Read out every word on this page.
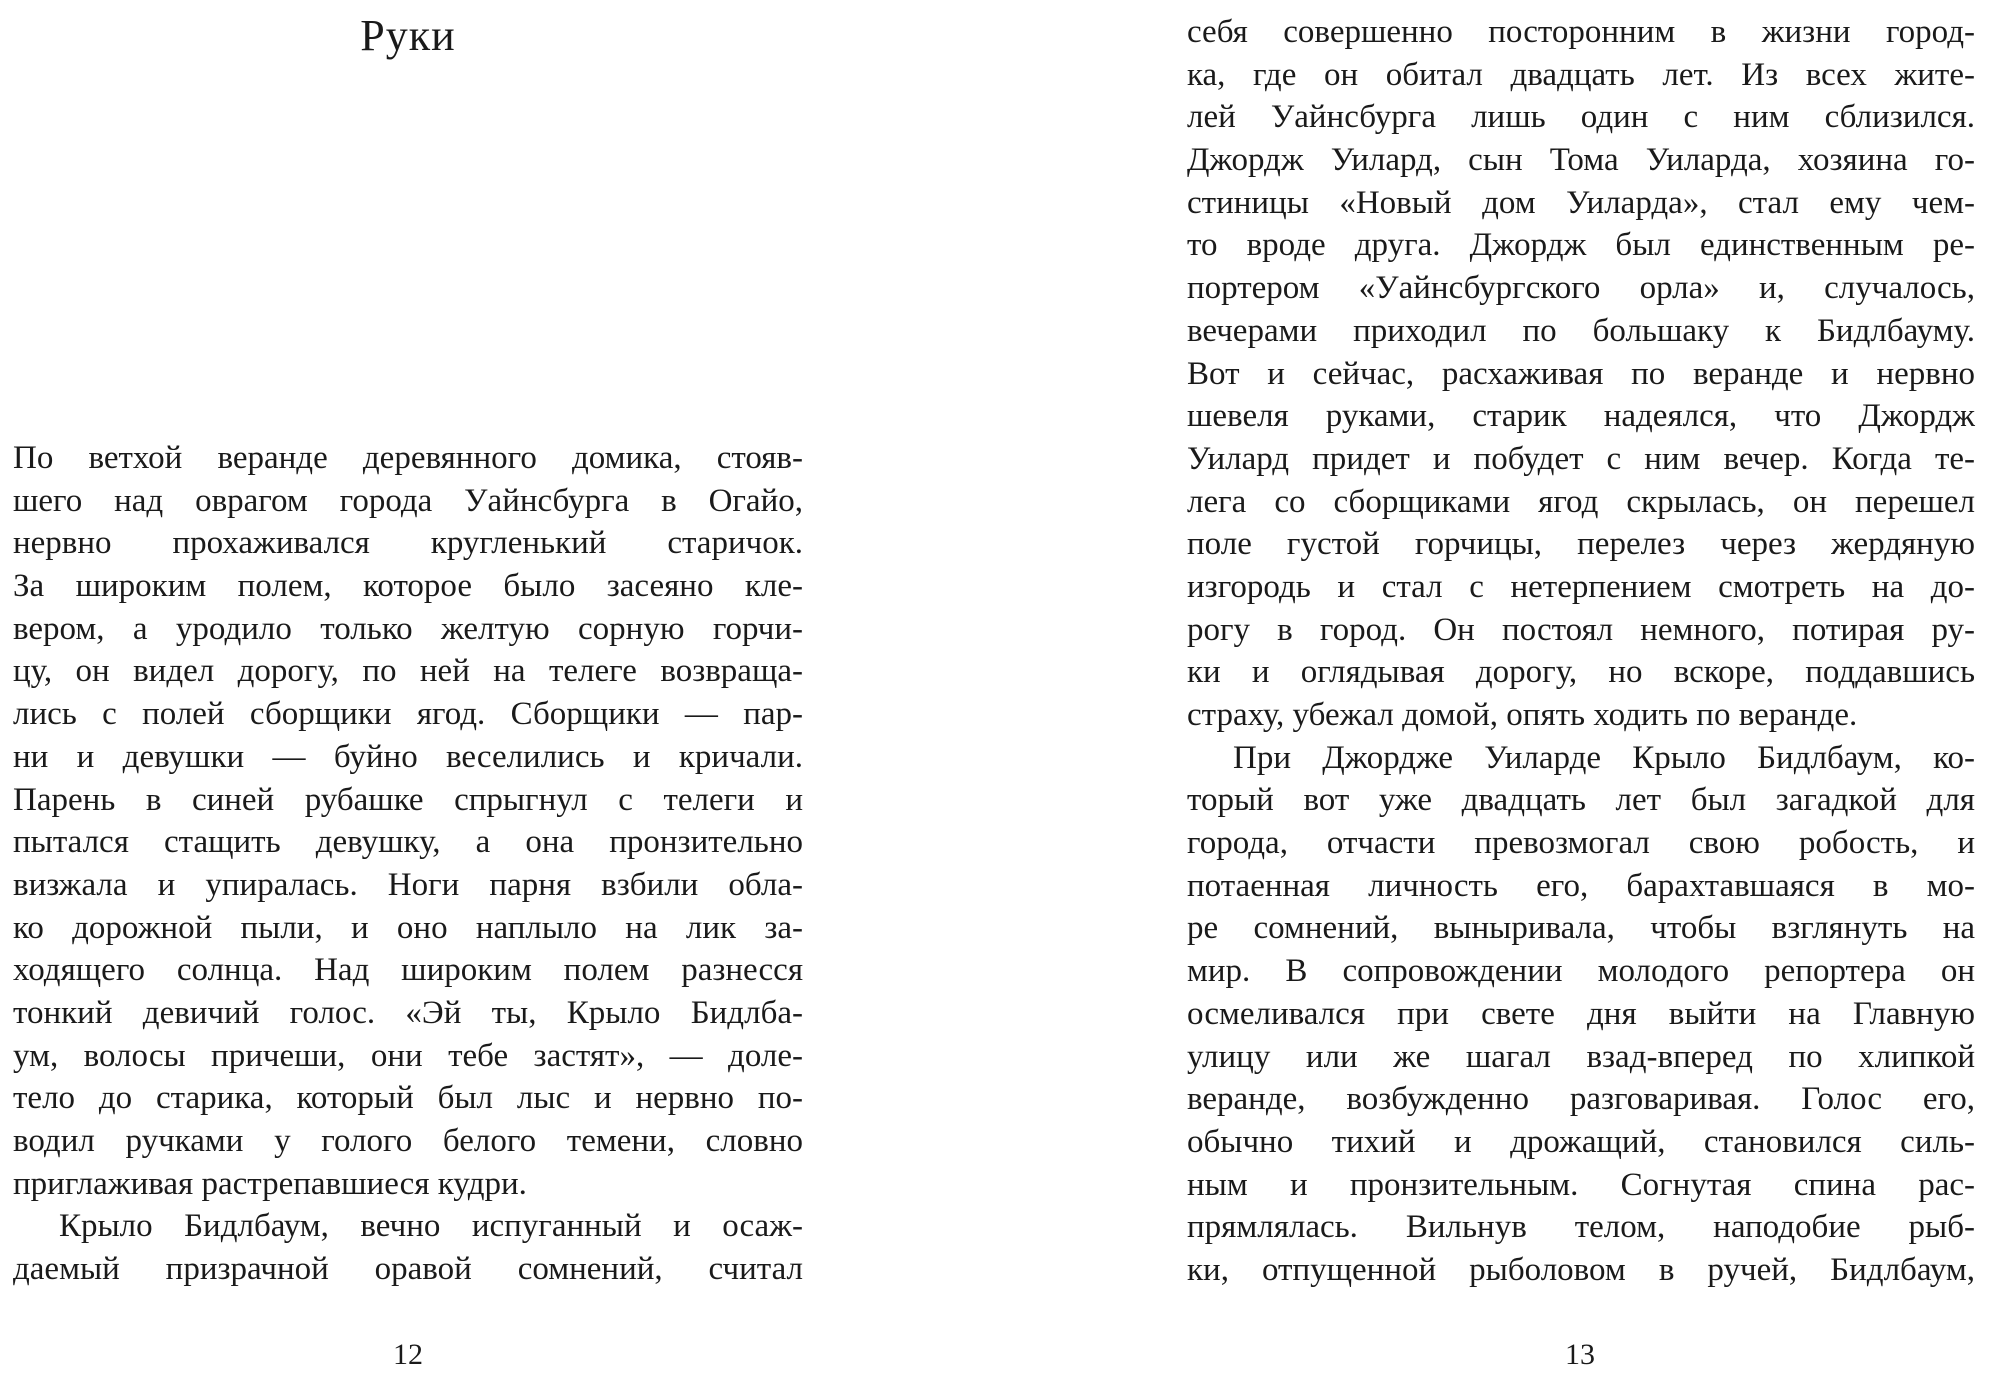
Руки
По ветхой веранде деревянного домика, стояв-
шего над оврагом города Уайнсбурга в Огайо,
нервно прохаживался кругленький старичок.
За широким полем, которое было засеяно кле-
вером, а уродило только желтую сорную горчи-
цу, он видел дорогу, по ней на телеге возвраща-
лись с полей сборщики ягод. Сборщики — пар-
ни и девушки — буйно веселились и кричали.
Парень в синей рубашке спрыгнул с телеги и
пытался стащить девушку, а она пронзительно
визжала и упиралась. Ноги парня взбили обла-
ко дорожной пыли, и оно наплыло на лик за-
ходящего солнца. Над широким полем разнесся
тонкий девичий голос. «Эй ты, Крыло Бидлба-
ум, волосы причеши, они тебе застят», — доле-
тело до старика, который был лыс и нервно по-
водил ручками у голого белого темени, словно
приглаживая растрепавшиеся кудри.
Крыло Бидлбаум, вечно испуганный и осаж-
даемый призрачной оравой сомнений, считал
12
себя совершенно посторонним в жизни город-
ка, где он обитал двадцать лет. Из всех жите-
лей Уайнсбурга лишь один с ним сблизился.
Джордж Уилард, сын Тома Уиларда, хозяина го-
стиницы «Новый дом Уиларда», стал ему чем-
то вроде друга. Джордж был единственным ре-
портером «Уайнсбургского орла» и, случалось,
вечерами приходил по большаку к Бидлбауму.
Вот и сейчас, расхаживая по веранде и нервно
шевеля руками, старик надеялся, что Джордж
Уилард придет и побудет с ним вечер. Когда те-
лега со сборщиками ягод скрылась, он перешел
поле густой горчицы, перелез через жердяную
изгородь и стал с нетерпением смотреть на до-
рогу в город. Он постоял немного, потирая ру-
ки и оглядывая дорогу, но вскоре, поддавшись
страху, убежал домой, опять ходить по веранде.
При Джордже Уиларде Крыло Бидлбаум, ко-
торый вот уже двадцать лет был загадкой для
города, отчасти превозмогал свою робость, и
потаенная личность его, барахтавшаяся в мо-
ре сомнений, выныривала, чтобы взглянуть на
мир. В сопровождении молодого репортера он
осмеливался при свете дня выйти на Главную
улицу или же шагал взад-вперед по хлипкой
веранде, возбужденно разговаривая. Голос его,
обычно тихий и дрожащий, становился силь-
ным и пронзительным. Согнутая спина рас-
прямлялась. Вильнув телом, наподобие рыб-
ки, отпущенной рыболовом в ручей, Бидлбаум,
13
